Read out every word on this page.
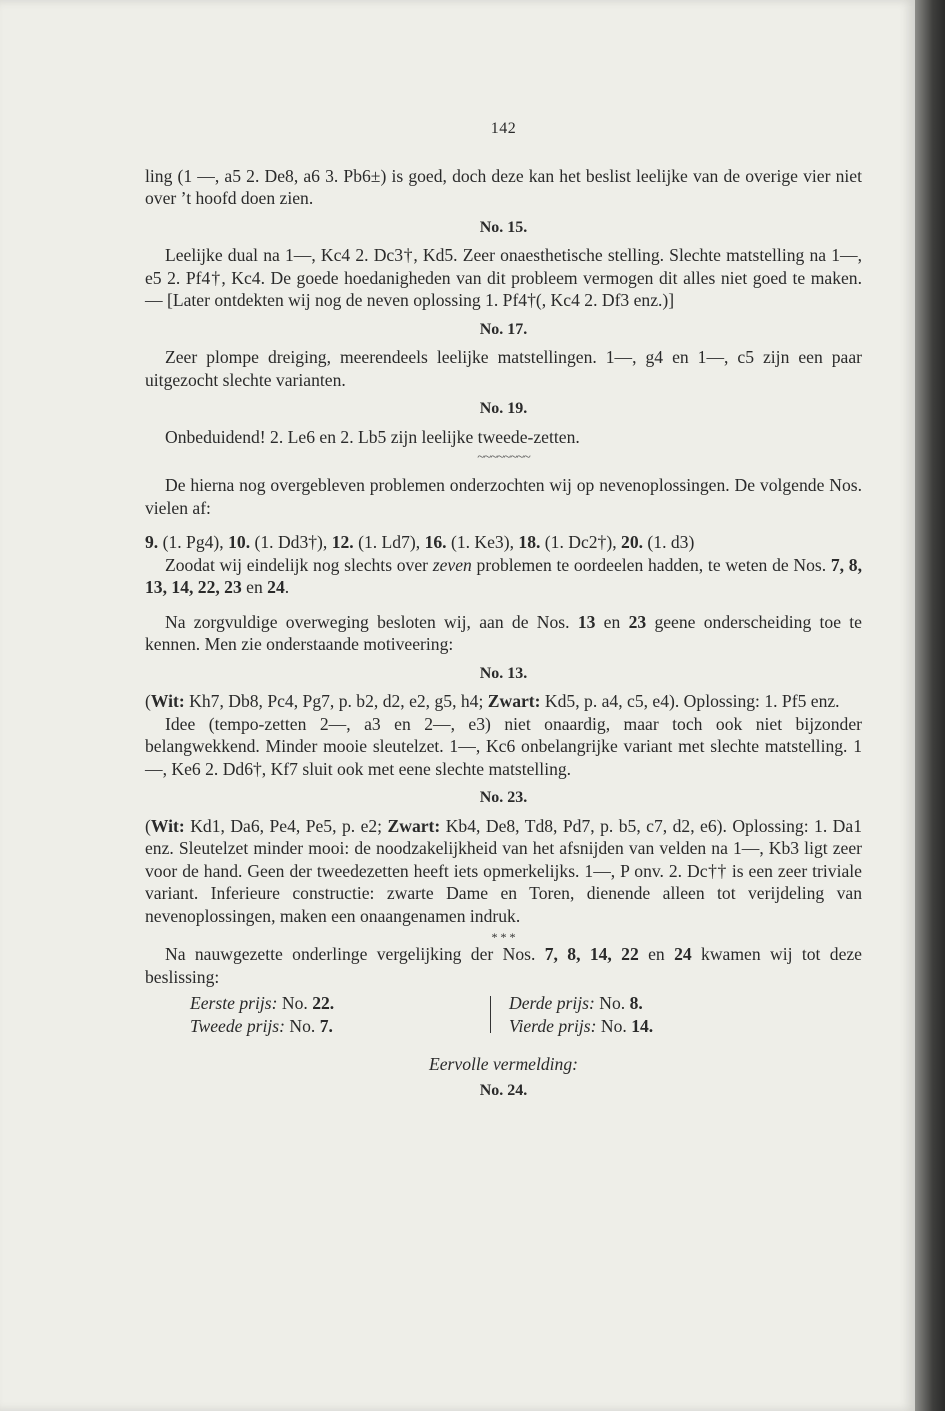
142

ling (1 —, a5 2. De8, a6 3. Pb6±) is goed, doch deze kan het beslist leelijke van de overige vier niet over ’t hoofd doen zien.

No. 15.

Leelijke dual na 1—, Kc4 2. Dc3†, Kd5. Zeer onaesthetische stelling. Slechte matstelling na 1—, e5 2. Pf4†, Kc4. De goede hoedanigheden van dit probleem vermogen dit alles niet goed te maken. — [Later ontdekten wij nog de neven oplossing 1. Pf4†(, Kc4 2. Df3 enz.)]

No. 17.

Zeer plompe dreiging, meerendeels leelijke matstellingen. 1—, g4 en 1—, c5 zijn een paar uitgezocht slechte varianten.

No. 19.

Onbeduidend! 2. Le6 en 2. Lb5 zijn leelijke tweede-zetten.

~~~~~~~~

De hierna nog overgebleven problemen onderzochten wij op nevenoplossingen. De volgende Nos. vielen af:

9. (1. Pg4), 10. (1. Dd3†), 12. (1. Ld7), 16. (1. Ke3), 18. (1. Dc2†), 20. (1. d3)

Zoodat wij eindelijk nog slechts over zeven problemen te oordeelen hadden, te weten de Nos. 7, 8, 13, 14, 22, 23 en 24.

Na zorgvuldige overweging besloten wij, aan de Nos. 13 en 23 geene onderscheiding toe te kennen. Men zie onderstaande motiveering:

No. 13.

(Wit: Kh7, Db8, Pc4, Pg7, p. b2, d2, e2, g5, h4; Zwart: Kd5, p. a4, c5, e4). Oplossing: 1. Pf5 enz.

Idee (tempo-zetten 2—, a3 en 2—, e3) niet onaardig, maar toch ook niet bijzonder belangwekkend. Minder mooie sleutelzet. 1—, Kc6 onbelangrijke variant met slechte matstelling. 1—, Ke6 2. Dd6†, Kf7 sluit ook met eene slechte matstelling.

No. 23.

(Wit: Kd1, Da6, Pe4, Pe5, p. e2; Zwart: Kb4, De8, Td8, Pd7, p. b5, c7, d2, e6). Oplossing: 1. Da1 enz. Sleutelzet minder mooi: de noodzakelijkheid van het afsnijden van velden na 1—, Kb3 ligt zeer voor de hand. Geen der tweedezetten heeft iets opmerkelijks. 1—, P onv. 2. Dc†† is een zeer triviale variant. Inferieure constructie: zwarte Dame en Toren, dienende alleen tot verijdeling van nevenoplossingen, maken een onaangenamen indruk.

* * *

Na nauwgezette onderlinge vergelijking der Nos. 7, 8, 14, 22 en 24 kwamen wij tot deze beslissing:

Eerste prijs: No. 22.
Tweede prijs: No. 7.
Derde prijs: No. 8.
Vierde prijs: No. 14.
Eervolle vermelding:
No. 24.
